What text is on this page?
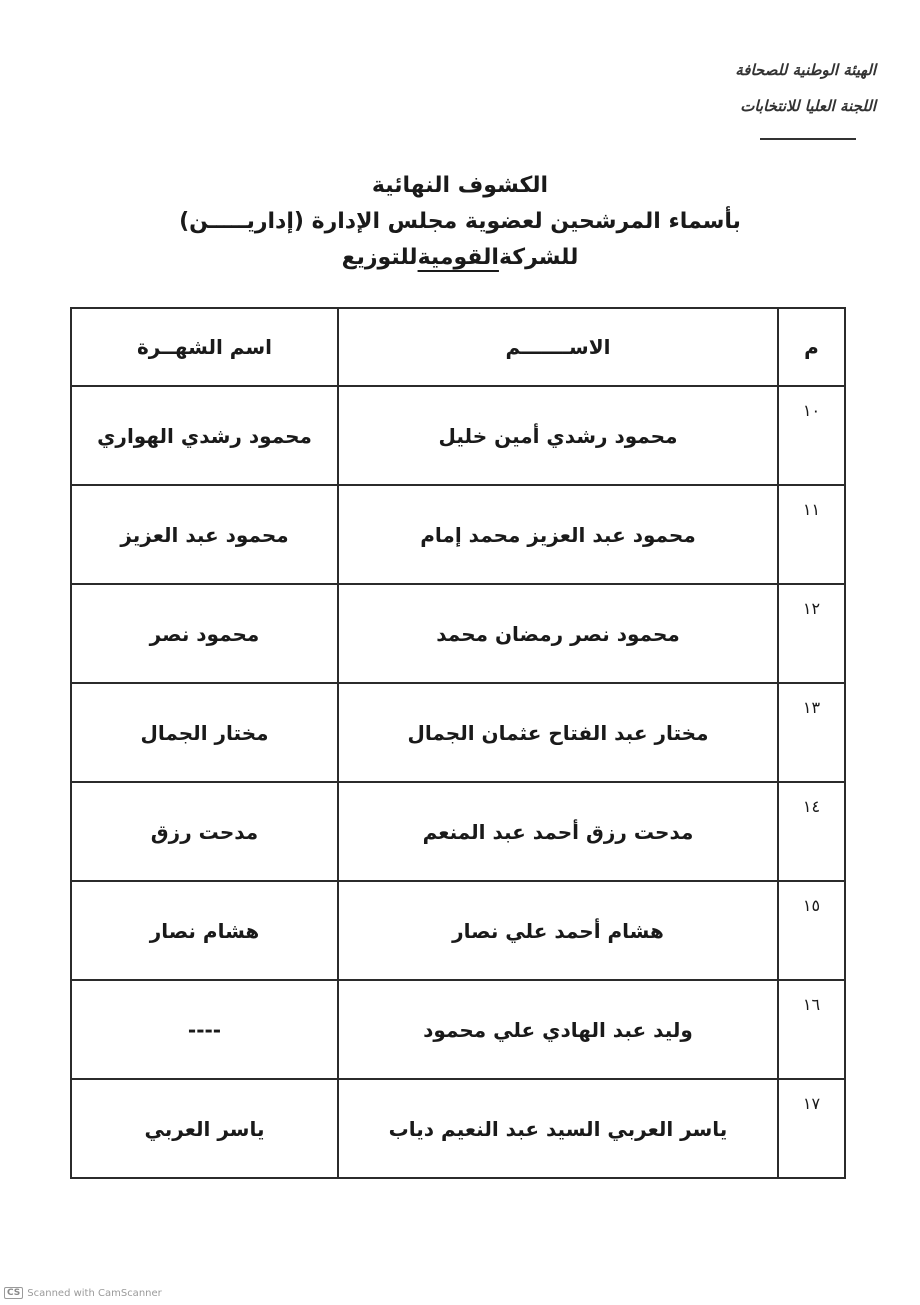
الهيئة الوطنية للصحافة
اللجنة العليا للانتخابات
الكشوف النهائية
بأسماء المرشحين لعضوية مجلس الإدارة (إداريـــــن)
للشركةالقوميةللتوزيع
م	الاســـــــم	اسم الشهــرة
١٠	محمود رشدي أمين خليل	محمود رشدي الهواري
١١	محمود عبد العزيز محمد إمام	محمود عبد العزيز
١٢	محمود نصر رمضان محمد	محمود نصر
١٣	مختار عبد الفتاح عثمان الجمال	مختار الجمال
١٤	مدحت رزق أحمد عبد المنعم	مدحت رزق
١٥	هشام أحمد علي نصار	هشام نصار
١٦	وليد عبد الهادي علي محمود	----
١٧	ياسر العربي السيد عبد النعيم دياب	ياسر العربي
CS Scanned with CamScanner
